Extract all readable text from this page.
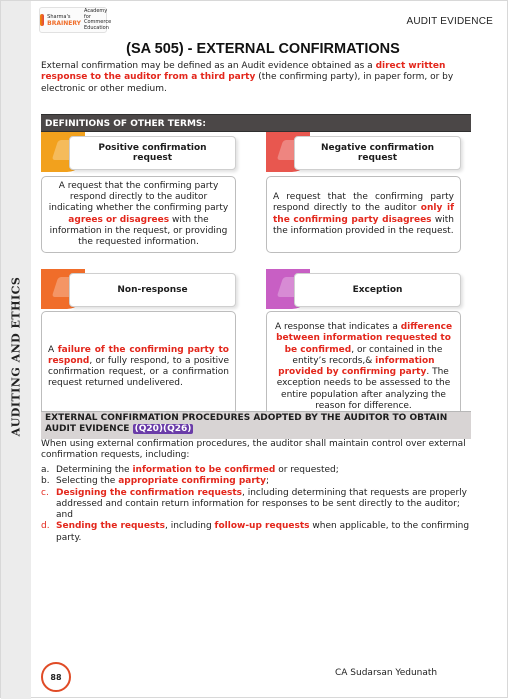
AUDITING AND ETHICS
Sharma's
BRAINERY
Academy for Commerce Education
AUDIT EVIDENCE
(SA 505) - EXTERNAL CONFIRMATIONS
External confirmation may be defined as an Audit evidence obtained as a direct written response to the auditor from a third party (the confirming party), in paper form, or by electronic or other medium.
DEFINITIONS OF OTHER TERMS:
Positive confirmation request
A request that the confirming party respond directly to the auditor indicating whether the confirming party agrees or disagrees with the information in the request, or providing the requested information.
Negative confirmation request
A request that the confirming party respond directly to the auditor only if the confirming party disagrees with the information provided in the request.
Non-response
A failure of the confirming party to respond, or fully respond, to a positive confirmation request, or a confirmation request returned undelivered.
Exception
A response that indicates a difference between information requested to be confirmed, or contained in the entity’s records,& information provided by confirming party. The exception needs to be assessed to the entire population after analyzing the reason for difference.
EXTERNAL CONFIRMATION PROCEDURES ADOPTED BY THE AUDITOR TO OBTAIN
AUDIT EVIDENCE (Q20)(Q26)
When using external confirmation procedures, the auditor shall maintain control over external confirmation requests, including:
a. Determining the information to be confirmed or requested;
b. Selecting the appropriate confirming party;
c. Designing the confirmation requests, including determining that requests are properly addressed and contain return information for responses to be sent directly to the auditor; and
d. Sending the requests, including follow-up requests when applicable, to the confirming party.
88	CA Sudarsan Yedunath
